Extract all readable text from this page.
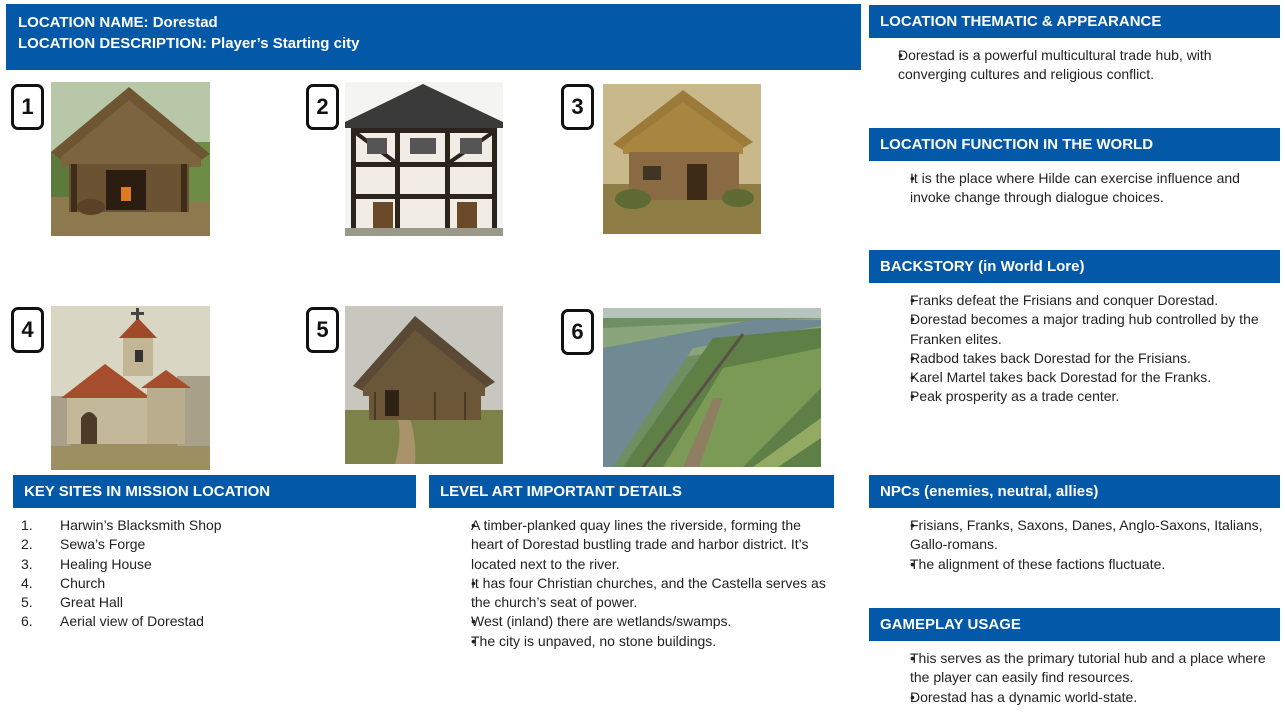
LOCATION NAME: Dorestad
LOCATION DESCRIPTION: Player’s Starting city
1	2	3
4	5	6
LOCATION THEMATIC & APPEARANCE
• Dorestad is a powerful multicultural trade hub, with converging cultures and religious conflict.
LOCATION FUNCTION IN THE WORLD
• It is the place where Hilde can exercise influence and invoke change through dialogue choices.
BACKSTORY (in World Lore)
• Franks defeat the Frisians and conquer Dorestad.
• Dorestad becomes a major trading hub controlled by the Franken elites.
• Radbod takes back Dorestad for the Frisians.
• Karel Martel takes back Dorestad for the Franks.
• Peak prosperity as a trade center.
KEY SITES IN MISSION LOCATION
1. Harwin’s Blacksmith Shop
2. Sewa’s Forge
3. Healing House
4. Church
5. Great Hall
6. Aerial view of Dorestad
LEVEL ART IMPORTANT DETAILS
• A timber-planked quay lines the riverside, forming the heart of Dorestad bustling trade and harbor district. It’s located next to the river.
• It has four Christian churches, and the Castella serves as the church’s seat of power.
• West (inland) there are wetlands/swamps.
• The city is unpaved, no stone buildings.
NPCs (enemies, neutral, allies)
• Frisians, Franks, Saxons, Danes, Anglo-Saxons, Italians, Gallo-romans.
• The alignment of these factions fluctuate.
GAMEPLAY USAGE
• This serves as the primary tutorial hub and a place where the player can easily find resources.
• Dorestad has a dynamic world-state.
